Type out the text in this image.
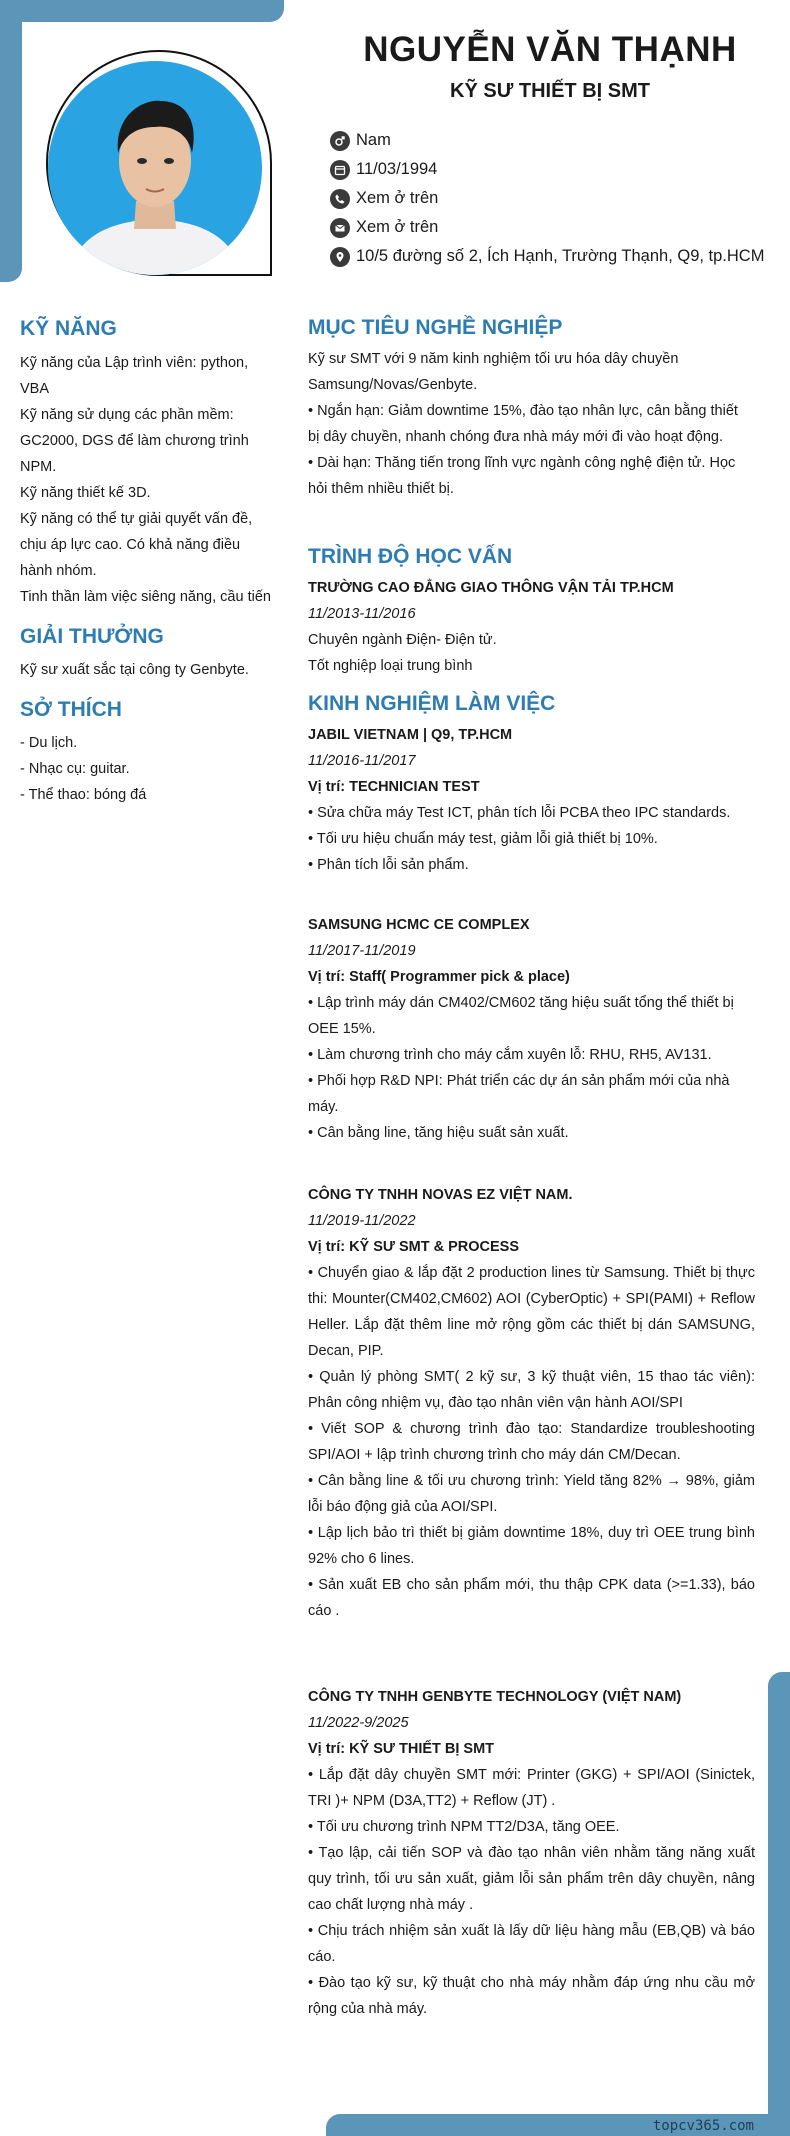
NGUYỄN VĂN THẠNH
KỸ SƯ THIẾT BỊ SMT
Nam
11/03/1994
Xem ở trên
Xem ở trên
10/5 đường số 2, Ích Hạnh, Trường Thạnh, Q9, tp.HCM
KỸ NĂNG

Kỹ năng của Lập trình viên: python, VBA

Kỹ năng sử dụng các phần mềm: GC2000, DGS để làm chương trình NPM.

Kỹ năng thiết kế 3D.

Kỹ năng có thể tự giải quyết vấn đề, chịu áp lực cao. Có khả năng điều hành nhóm.

Tinh thần làm việc siêng năng, cầu tiến

GIẢI THƯỞNG

Kỹ sư xuất sắc tại công ty Genbyte.

SỞ THÍCH

- Du lịch.

- Nhạc cụ: guitar.

- Thể thao: bóng đá

MỤC TIÊU NGHỀ NGHIỆP

Kỹ sư SMT với 9 năm kinh nghiệm tối ưu hóa dây chuyền Samsung/Novas/Genbyte.

• Ngắn hạn: Giảm downtime 15%, đào tạo nhân lực, cân bằng thiết bị dây chuyền, nhanh chóng đưa nhà máy mới đi vào hoạt động.

• Dài hạn: Thăng tiến trong lĩnh vực ngành công nghệ điện tử. Học hỏi thêm nhiều thiết bị.

TRÌNH ĐỘ HỌC VẤN

TRƯỜNG CAO ĐẲNG GIAO THÔNG VẬN TẢI TP.HCM

11/2013-11/2016

Chuyên ngành Điện- Điện tử.

Tốt nghiệp loại trung bình

KINH NGHIỆM LÀM VIỆC

JABIL VIETNAM | Q9, TP.HCM

11/2016-11/2017

Vị trí: TECHNICIAN TEST

• Sửa chữa máy Test ICT, phân tích lỗi PCBA theo IPC standards.

• Tối ưu hiệu chuẩn máy test, giảm lỗi giả thiết bị 10%.

• Phân tích lỗi sản phẩm.

SAMSUNG HCMC CE COMPLEX

11/2017-11/2019

Vị trí: Staff( Programmer pick & place)

• Lập trình máy dán CM402/CM602 tăng hiệu suất tổng thể thiết bị OEE 15%.

• Làm chương trình cho máy cắm xuyên lỗ: RHU, RH5, AV131.

• Phối hợp R&D NPI: Phát triển các dự án sản phẩm mới của nhà máy.

• Cân bằng line, tăng hiệu suất sản xuất.

CÔNG TY TNHH NOVAS EZ VIỆT NAM.

11/2019-11/2022

Vị trí: KỸ SƯ SMT & PROCESS

• Chuyển giao & lắp đặt 2 production lines từ Samsung. Thiết bị thực thi: Mounter(CM402,CM602) AOI (CyberOptic) + SPI(PAMI) + Reflow Heller. Lắp đặt thêm line mở rộng gồm các thiết bị dán SAMSUNG, Decan, PIP.

• Quản lý phòng SMT( 2 kỹ sư, 3 kỹ thuật viên, 15 thao tác viên): Phân công nhiệm vụ, đào tạo nhân viên vận hành AOI/SPI

• Viết SOP & chương trình đào tạo: Standardize troubleshooting SPI/AOI + lập trình chương trình cho máy dán CM/Decan.

• Cân bằng line & tối ưu chương trình: Yield tăng 82% → 98%, giảm lỗi báo động giả của AOI/SPI.

• Lập lịch bảo trì thiết bị giảm downtime 18%, duy trì OEE trung bình 92% cho 6 lines.

• Sản xuất EB cho sản phẩm mới, thu thập CPK data (>=1.33), báo cáo .

CÔNG TY TNHH GENBYTE TECHNOLOGY (VIỆT NAM)

11/2022-9/2025

Vị trí: KỸ SƯ THIẾT BỊ SMT

• Lắp đặt dây chuyền SMT mới: Printer (GKG) + SPI/AOI (Sinictek, TRI )+ NPM (D3A,TT2) + Reflow (JT) .

• Tối ưu chương trình NPM TT2/D3A, tăng OEE.

• Tạo lập, cải tiến SOP và đào tạo nhân viên nhằm tăng năng xuất quy trình, tối ưu sản xuất, giảm lỗi sản phẩm trên dây chuyền, nâng cao chất lượng nhà máy .

• Chịu trách nhiệm sản xuất là lấy dữ liệu hàng mẫu (EB,QB) và báo cáo.

• Đào tạo kỹ sư, kỹ thuật cho nhà máy nhằm đáp ứng nhu cầu mở rộng của nhà máy.

topcv365.com
